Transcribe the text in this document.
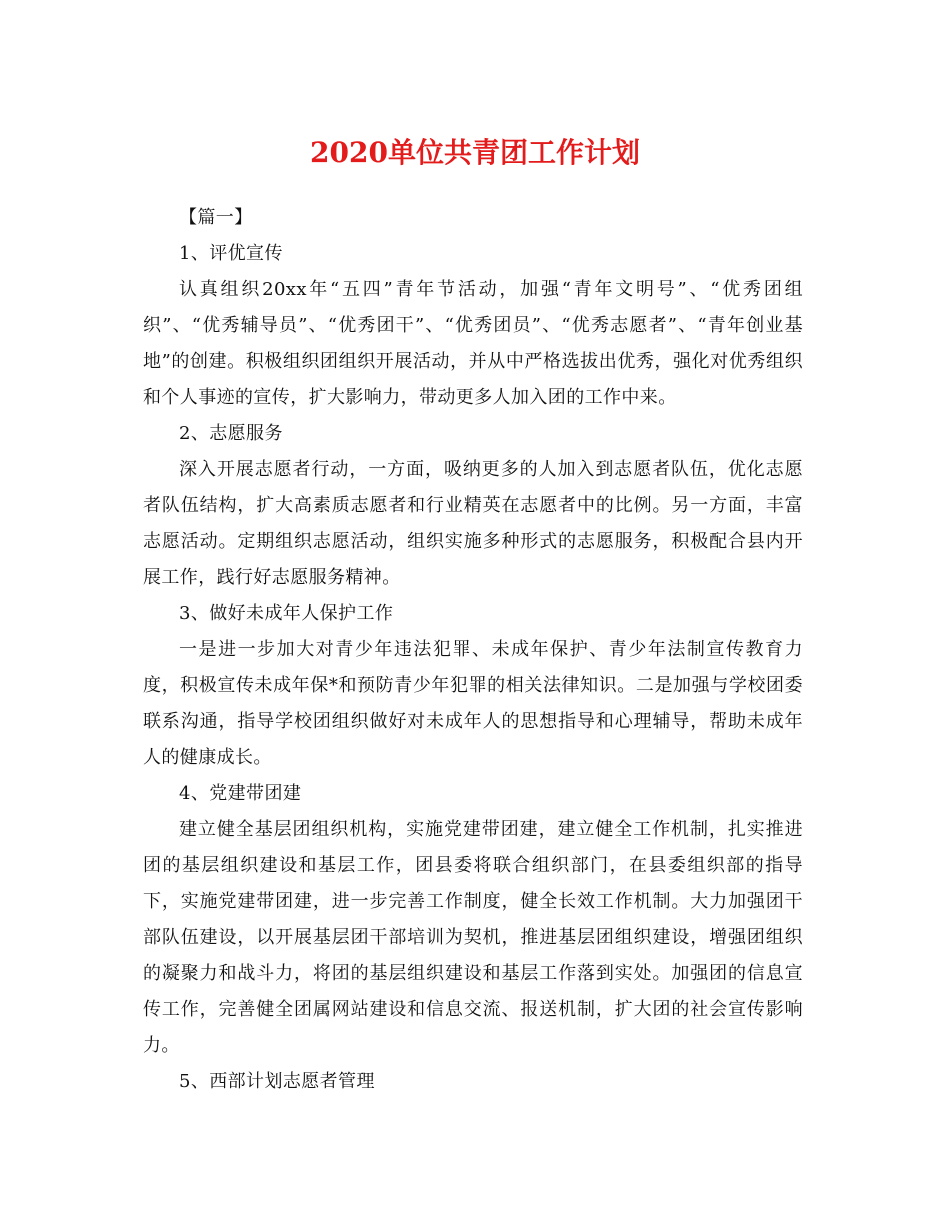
2020单位共青团工作计划

【篇一】

1、评优宣传

认真组织20xx年“五四”青年节活动，加强“青年文明号”、“优秀团组织”、“优秀辅导员”、“优秀团干”、“优秀团员”、“优秀志愿者”、“青年创业基地”的创建。积极组织团组织开展活动，并从中严格选拔出优秀，强化对优秀组织和个人事迹的宣传，扩大影响力，带动更多人加入团的工作中来。

2、志愿服务

深入开展志愿者行动，一方面，吸纳更多的人加入到志愿者队伍，优化志愿者队伍结构，扩大高素质志愿者和行业精英在志愿者中的比例。另一方面，丰富志愿活动。定期组织志愿活动，组织实施多种形式的志愿服务，积极配合县内开展工作，践行好志愿服务精神。

3、做好未成年人保护工作

一是进一步加大对青少年违法犯罪、未成年保护、青少年法制宣传教育力度，积极宣传未成年保*和预防青少年犯罪的相关法律知识。二是加强与学校团委联系沟通，指导学校团组织做好对未成年人的思想指导和心理辅导，帮助未成年人的健康成长。

4、党建带团建

建立健全基层团组织机构，实施党建带团建，建立健全工作机制，扎实推进团的基层组织建设和基层工作，团县委将联合组织部门，在县委组织部的指导下，实施党建带团建，进一步完善工作制度，健全长效工作机制。大力加强团干部队伍建设，以开展基层团干部培训为契机，推进基层团组织建设，增强团组织的凝聚力和战斗力，将团的基层组织建设和基层工作落到实处。加强团的信息宣传工作，完善健全团属网站建设和信息交流、报送机制，扩大团的社会宣传影响力。

5、西部计划志愿者管理
